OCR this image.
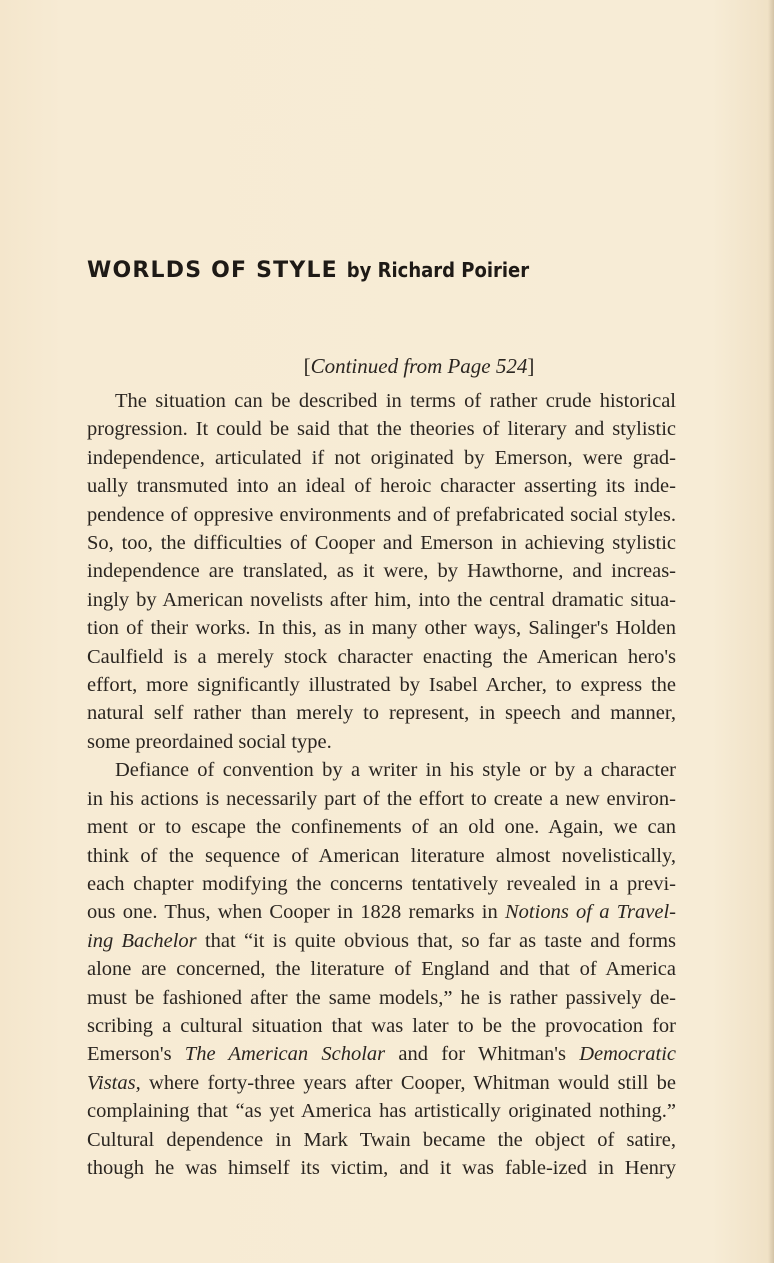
WORLDS OF STYLE by Richard Poirier
[Continued from Page 524]
The situation can be described in terms of rather crude historical
progression. It could be said that the theories of literary and stylistic
independence, articulated if not originated by Emerson, were grad-
ually transmuted into an ideal of heroic character asserting its inde-
pendence of oppresive environments and of prefabricated social styles.
So, too, the difficulties of Cooper and Emerson in achieving stylistic
independence are translated, as it were, by Hawthorne, and increas-
ingly by American novelists after him, into the central dramatic situa-
tion of their works. In this, as in many other ways, Salinger's Holden
Caulfield is a merely stock character enacting the American hero's
effort, more significantly illustrated by Isabel Archer, to express the
natural self rather than merely to represent, in speech and manner,
some preordained social type.
Defiance of convention by a writer in his style or by a character
in his actions is necessarily part of the effort to create a new environ-
ment or to escape the confinements of an old one. Again, we can
think of the sequence of American literature almost novelistically,
each chapter modifying the concerns tentatively revealed in a previ-
ous one. Thus, when Cooper in 1828 remarks in Notions of a Travel-
ing Bachelor that “it is quite obvious that, so far as taste and forms
alone are concerned, the literature of England and that of America
must be fashioned after the same models,” he is rather passively de-
scribing a cultural situation that was later to be the provocation for
Emerson's The American Scholar and for Whitman's Democratic
Vistas, where forty-three years after Cooper, Whitman would still be
complaining that “as yet America has artistically originated nothing.”
Cultural dependence in Mark Twain became the object of satire,
though he was himself its victim, and it was fable-ized in Henry
